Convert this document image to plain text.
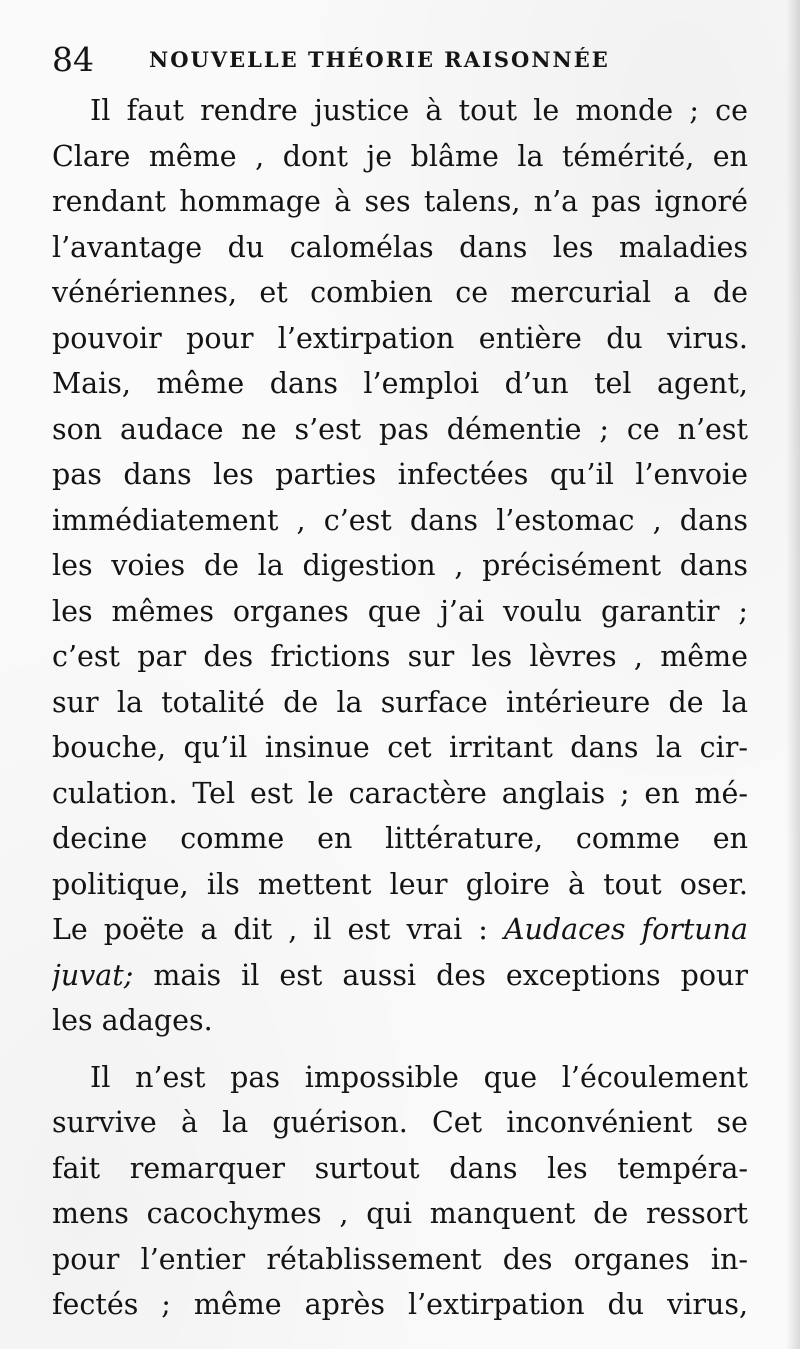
84	NOUVELLE THÉORIE RAISONNÉE
Il faut rendre justice à tout le monde ; ce
Clare même , dont je blâme la témérité, en
rendant hommage à ses talens, n’a pas ignoré
l’avantage du calomélas dans les maladies
vénériennes, et combien ce mercurial a de
pouvoir pour l’extirpation entière du virus.
Mais, même dans l’emploi d’un tel agent,
son audace ne s’est pas démentie ; ce n’est
pas dans les parties infectées qu’il l’envoie
immédiatement , c’est dans l’estomac , dans
les voies de la digestion , précisément dans
les mêmes organes que j’ai voulu garantir ;
c’est par des frictions sur les lèvres , même
sur la totalité de la surface intérieure de la
bouche, qu’il insinue cet irritant dans la cir-
culation. Tel est le caractère anglais ; en mé-
decine comme en littérature, comme en
politique, ils mettent leur gloire à tout oser.
Le poëte a dit , il est vrai : Audaces fortuna
juvat; mais il est aussi des exceptions pour
les adages.
Il n’est pas impossible que l’écoulement
survive à la guérison. Cet inconvénient se
fait remarquer surtout dans les tempéra-
mens cacochymes , qui manquent de ressort
pour l’entier rétablissement des organes in-
fectés ; même après l’extirpation du virus,
